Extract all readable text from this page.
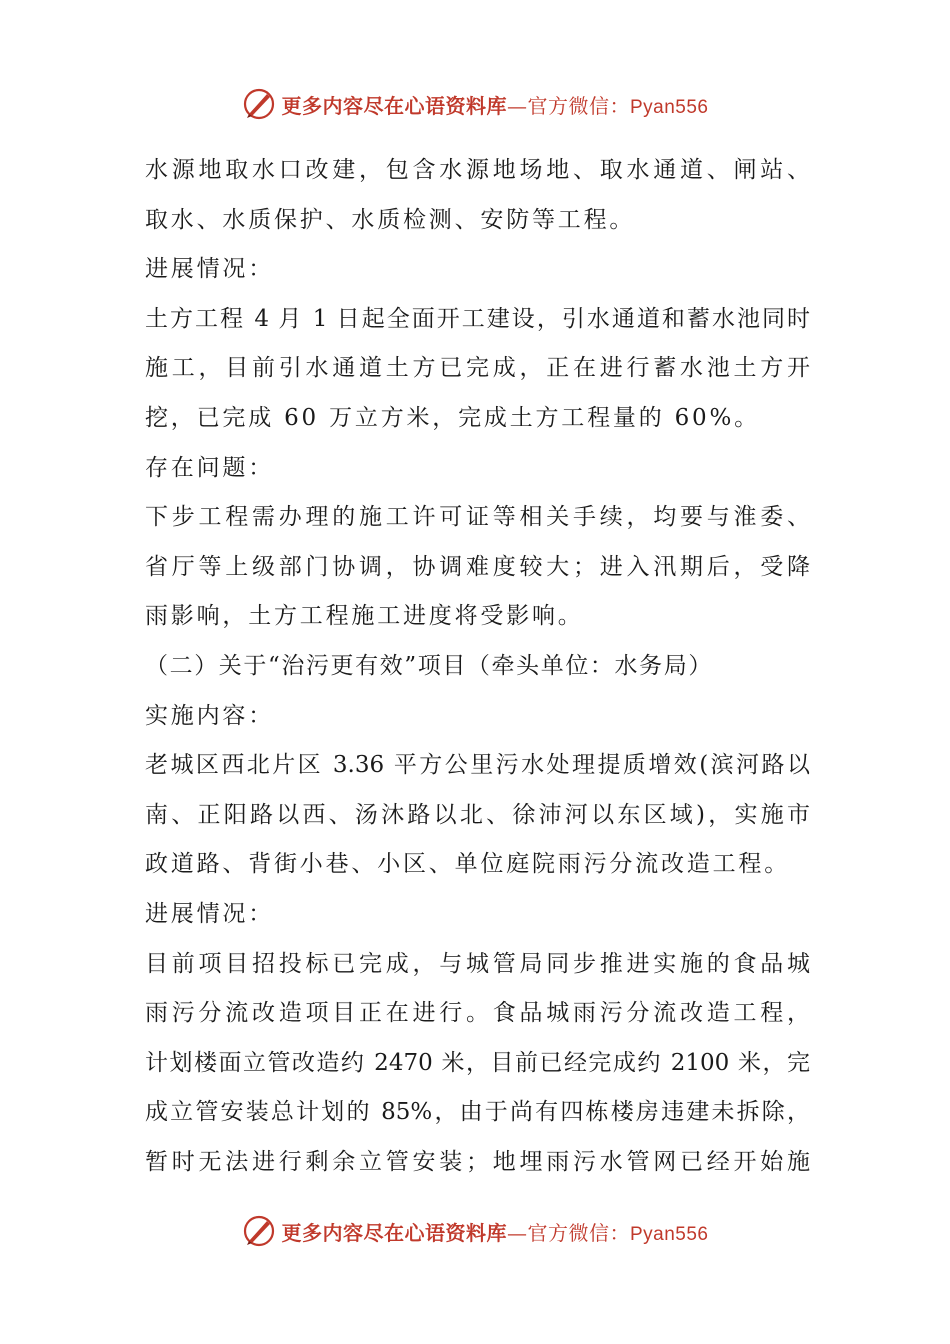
更多内容尽在心语资料库—官方微信：Pyan556
水源地取水口改建，包含水源地场地、取水通道、闸站、
取水、水质保护、水质检测、安防等工程。
进展情况：
土方工程 4 月 1 日起全面开工建设，引水通道和蓄水池同时
施工，目前引水通道土方已完成，正在进行蓄水池土方开
挖，已完成 60 万立方米，完成土方工程量的 60%。
存在问题：
下步工程需办理的施工许可证等相关手续，均要与淮委、
省厅等上级部门协调，协调难度较大；进入汛期后，受降
雨影响，土方工程施工进度将受影响。
（二）关于“治污更有效”项目（牵头单位：水务局）
实施内容：
老城区西北片区 3.36 平方公里污水处理提质增效(滨河路以
南、正阳路以西、汤沐路以北、徐沛河以东区域)，实施市
政道路、背街小巷、小区、单位庭院雨污分流改造工程。
进展情况：
目前项目招投标已完成，与城管局同步推进实施的食品城
雨污分流改造项目正在进行。食品城雨污分流改造工程，
计划楼面立管改造约 2470 米，目前已经完成约 2100 米，完
成立管安装总计划的 85%，由于尚有四栋楼房违建未拆除，
暂时无法进行剩余立管安装；地埋雨污水管网已经开始施
更多内容尽在心语资料库—官方微信：Pyan556
